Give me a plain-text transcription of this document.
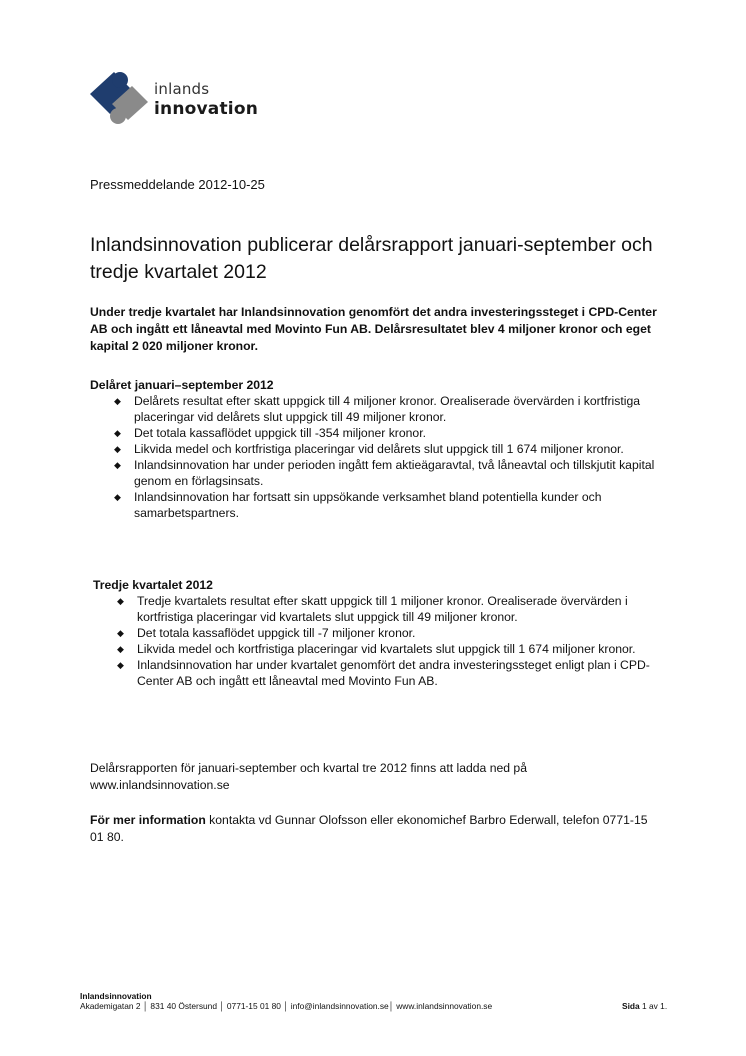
inlands
innovation
Pressmeddelande 2012-10-25
Inlandsinnovation publicerar delårsrapport januari-september och tredje kvartalet 2012

Under tredje kvartalet har Inlandsinnovation genomfört det andra investeringssteget i CPD-Center AB och ingått ett låneavtal med Movinto Fun AB. Delårsresultatet blev 4 miljoner kronor och eget kapital 2 020 miljoner kronor.

Delåret januari–september 2012
◆ Delårets resultat efter skatt uppgick till 4 miljoner kronor. Orealiserade övervärden i kortfristiga placeringar vid delårets slut uppgick till 49 miljoner kronor.
◆ Det totala kassaflödet uppgick till -354 miljoner kronor.
◆ Likvida medel och kortfristiga placeringar vid delårets slut uppgick till 1 674 miljoner kronor.
◆ Inlandsinnovation har under perioden ingått fem aktieägaravtal, två låneavtal och tillskjutit kapital genom en förlagsinsats.
◆ Inlandsinnovation har fortsatt sin uppsökande verksamhet bland potentiella kunder och samarbetspartners.
Tredje kvartalet 2012
◆ Tredje kvartalets resultat efter skatt uppgick till 1 miljoner kronor. Orealiserade övervärden i kortfristiga placeringar vid kvartalets slut uppgick till 49 miljoner kronor.
◆ Det totala kassaflödet uppgick till -7 miljoner kronor.
◆ Likvida medel och kortfristiga placeringar vid kvartalets slut uppgick till 1 674 miljoner kronor.
◆ Inlandsinnovation har under kvartalet genomfört det andra investeringssteget enligt plan i CPD-Center AB och ingått ett låneavtal med Movinto Fun AB.

Delårsrapporten för januari-september och kvartal tre 2012 finns att ladda ned på www.inlandsinnovation.se

För mer information kontakta vd Gunnar Olofsson eller ekonomichef Barbro Ederwall, telefon 0771-15 01 80.

Inlandsinnovation
Akademigatan 2 │ 831 40 Östersund │ 0771-15 01 80 │ info@inlandsinnovation.se│ www.inlandsinnovation.se	Sida 1 av 1.
